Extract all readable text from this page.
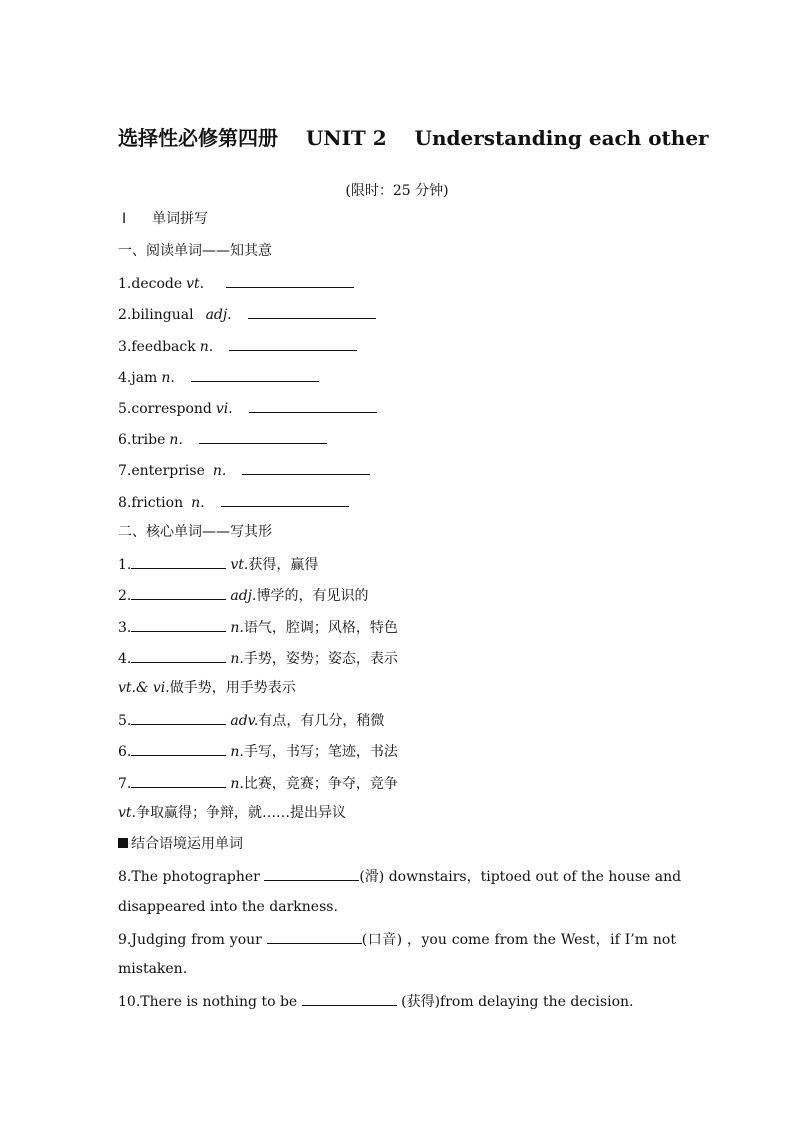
选择性必修第四册    UNIT 2    Understanding each other
(限时：25 分钟)
Ⅰ 单词拼写
一、阅读单词——知其意
1.decode vt.
2.bilingual adj.
3.feedback n.
4.jam n.
5.correspond vi.
6.tribe n.
7.enterprise n.
8.friction n.
二、核心单词——写其形
1.	vt.获得，赢得
2.	adj.博学的，有见识的
3.	n.语气，腔调；风格，特色
4.	n.手势，姿势；姿态，表示
vt.& vi.做手势，用手势表示
5.	adv.有点，有几分，稍微
6.	n.手写，书写；笔迹，书法
7.	n.比赛，竞赛；争夺，竞争
vt.争取赢得；争辩，就……提出异议
结合语境运用单词
8.The photographer	(滑) downstairs，tiptoed out of the house and
disappeared into the darkness.
9.Judging from your	(口音) ，you come from the West，if I’m not
mistaken.
10.There is nothing to be	(获得)from delaying the decision.
